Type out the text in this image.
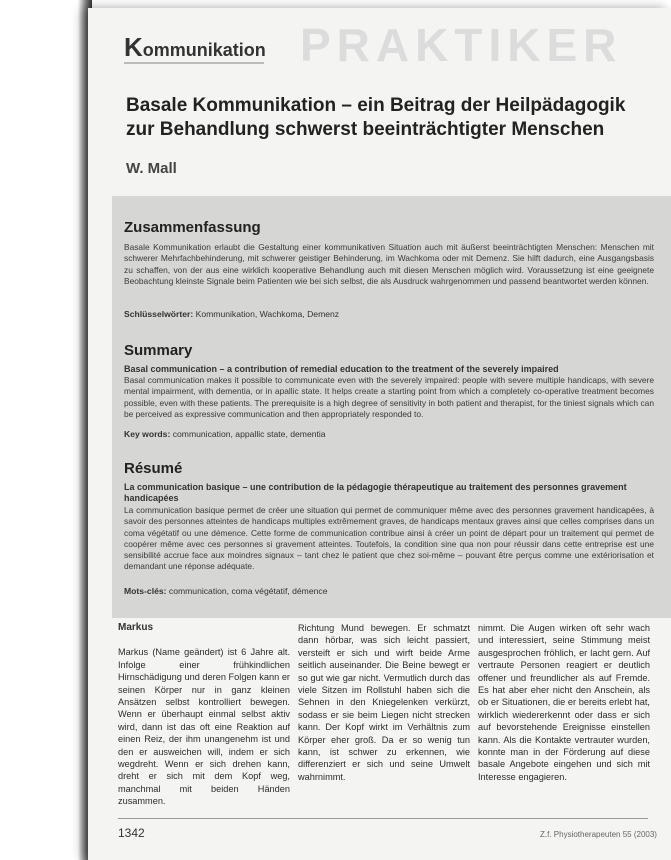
PRAKTIKER
Kommunikation
Basale Kommunikation – ein Beitrag der Heilpädagogik
zur Behandlung schwerst beeinträchtigter Menschen
W. Mall
Zusammenfassung
Basale Kommunikation erlaubt die Gestaltung einer kommunikativen Situation auch mit äußerst beeinträchtigten Menschen: Menschen mit schwerer Mehrfachbehinderung, mit schwerer geistiger Behinderung, im Wachkoma oder mit Demenz. Sie hilft dadurch, eine Ausgangsbasis zu schaffen, von der aus eine wirklich kooperative Behandlung auch mit diesen Menschen möglich wird. Voraussetzung ist eine geeignete Beobachtung kleinste Signale beim Patienten wie bei sich selbst, die als Ausdruck wahrgenommen und passend beantwortet werden können.
Schlüsselwörter: Kommunikation, Wachkoma, Demenz
Summary
Basal communication – a contribution of remedial education to the treatment of the severely impaired
Basal communication makes it possible to communicate even with the severely impaired: people with severe multiple handicaps, with severe mental impairment, with dementia, or in apallic state. It helps create a starting point from which a completely co-operative treatment becomes possible, even with these patients. The prerequisite is a high degree of sensitivity in both patient and therapist, for the tiniest signals which can be perceived as expressive communication and then appropriately responded to.
Key words: communication, appallic state, dementia
Résumé
La communication basique – une contribution de la pédagogie thérapeutique au traitement des personnes gravement handicapées
La communication basique permet de créer une situation qui permet de communiquer même avec des personnes gravement handicapées, à savoir des personnes atteintes de handicaps multiples extrêmement graves, de handicaps mentaux graves ainsi que celles comprises dans un coma végétatif ou une démence. Cette forme de communication contribue ainsi à créer un point de départ pour un traitement qui permet de coopérer même avec ces personnes si gravement atteintes. Toutefois, la condition sine qua non pour réussir dans cette entreprise est une sensibilité accrue face aux moindres signaux – tant chez le patient que chez soi-même – pouvant être perçus comme une extériorisation et demandant une réponse adéquate.
Mots-clés: communication, coma végétatif, démence
Markus
Markus (Name geändert) ist 6 Jahre alt. Infolge einer frühkindlichen Hirnschädigung und deren Folgen kann er seinen Körper nur in ganz kleinen Ansätzen selbst kontrolliert bewegen. Wenn er überhaupt einmal selbst aktiv wird, dann ist das oft eine Reaktion auf einen Reiz, der ihm unangenehm ist und den er ausweichen will, indem er sich wegdreht. Wenn er sich drehen kann, dreht er sich mit dem Kopf weg, manchmal mit beiden Händen zusammen.
Richtung Mund bewegen. Er schmatzt dann hörbar, was sich leicht passiert, versteift er sich und wirft beide Arme seitlich auseinander. Die Beine bewegt er so gut wie gar nicht. Vermutlich durch das viele Sitzen im Rollstuhl haben sich die Sehnen in den Kniegelenken verkürzt, sodass er sie beim Liegen nicht strecken kann. Der Kopf wirkt im Verhältnis zum Körper eher groß. Da er so wenig tun kann, ist schwer zu erkennen, wie differenziert er sich und seine Umwelt wahrnimmt.
nimmt. Die Augen wirken oft sehr wach und interessiert, seine Stimmung meist ausgesprochen fröhlich, er lacht gern. Auf vertraute Personen reagiert er deutlich offener und freundlicher als auf Fremde. Es hat aber eher nicht den Anschein, als ob er Situationen, die er bereits erlebt hat, wirklich wiedererkennt oder dass er sich auf bevorstehende Ereignisse einstellen kann. Als die Kontakte vertrauter wurden, konnte man in der Förderung auf diese basale Angebote eingehen und sich mit Interesse engagieren.
1342	Z.f. Physiotherapeuten 55 (2003)
